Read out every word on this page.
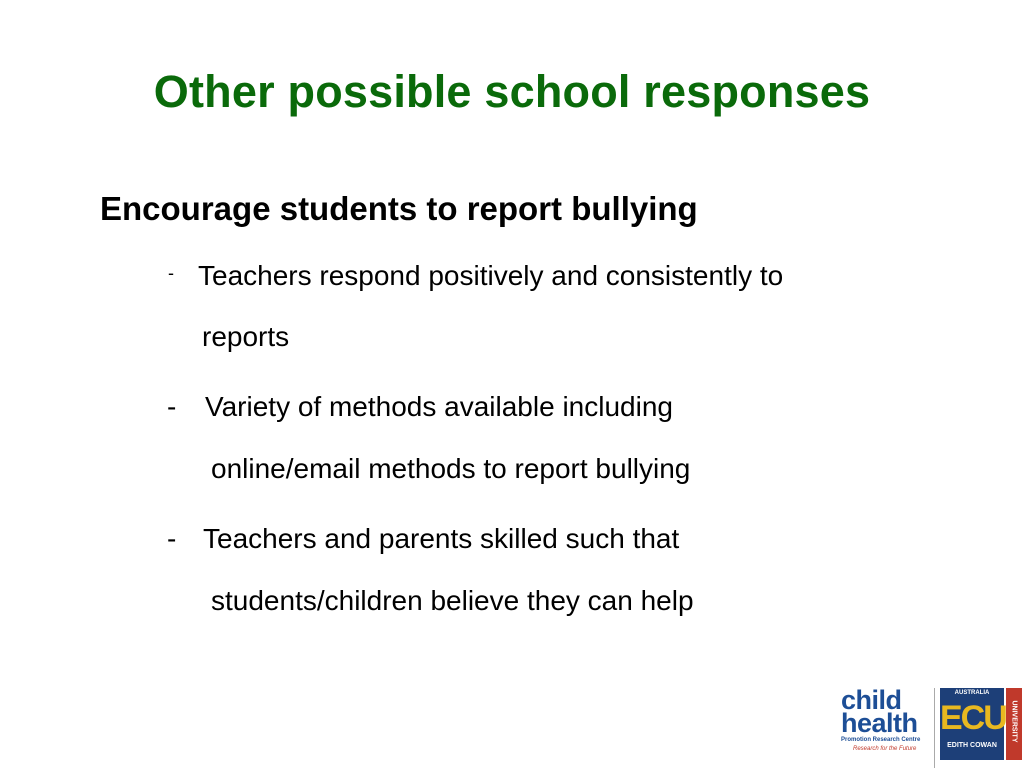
Other possible school responses
Encourage students to report bullying
- Teachers respond positively and consistently to
reports
- Variety of methods available including
online/email methods to report bullying
- Teachers and parents skilled such that
students/children believe they can help
child
health
Promotion Research Centre
Research for the Future
AUSTRALIA
ECU
EDITH COWAN
UNIVERSITY
